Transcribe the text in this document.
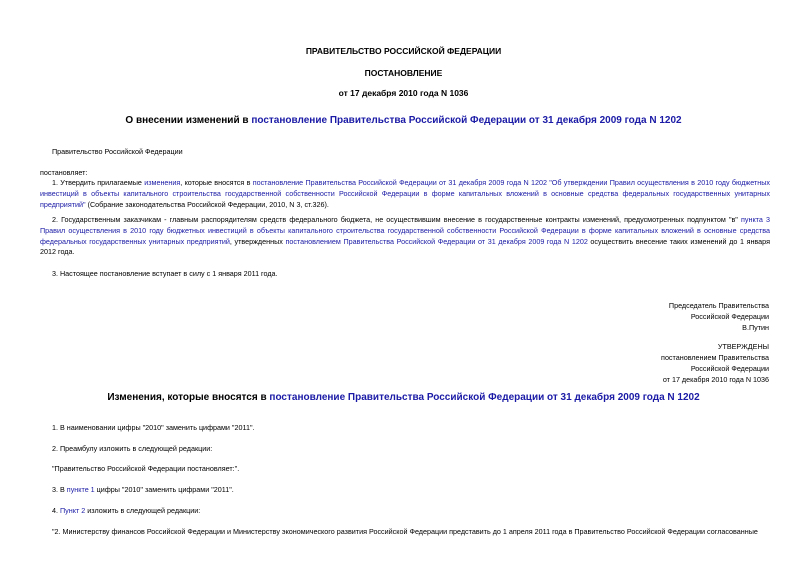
ПРАВИТЕЛЬСТВО РОССИЙСКОЙ ФЕДЕРАЦИИ
ПОСТАНОВЛЕНИЕ
от 17 декабря 2010 года N 1036
О внесении изменений в постановление Правительства Российской Федерации от 31 декабря 2009 года N 1202
Правительство Российской Федерации
постановляет:
1. Утвердить прилагаемые изменения, которые вносятся в постановление Правительства Российской Федерации от 31 декабря 2009 года N 1202 "Об утверждении Правил осуществления в 2010 году бюджетных инвестиций в объекты капитального строительства государственной собственности Российской Федерации в форме капитальных вложений в основные средства федеральных государственных унитарных предприятий" (Собрание законодательства Российской Федерации, 2010, N 3, ст.326).
2. Государственным заказчикам - главным распорядителям средств федерального бюджета, не осуществившим внесение в государственные контракты изменений, предусмотренных подпунктом "в" пункта 3 Правил осуществления в 2010 году бюджетных инвестиций в объекты капитального строительства государственной собственности Российской Федерации в форме капитальных вложений в основные средства федеральных государственных унитарных предприятий, утвержденных постановлением Правительства Российской Федерации от 31 декабря 2009 года N 1202 осуществить внесение таких изменений до 1 января 2012 года.
3. Настоящее постановление вступает в силу с 1 января 2011 года.
Председатель Правительства
Российской Федерации
В.Путин
УТВЕРЖДЕНЫ
постановлением Правительства
Российской Федерации
от 17 декабря 2010 года N 1036
Изменения, которые вносятся в постановление Правительства Российской Федерации от 31 декабря 2009 года N 1202
1. В наименовании цифры "2010" заменить цифрами "2011".
2. Преамбулу изложить в следующей редакции:
"Правительство Российской Федерации постановляет:".
3. В пункте 1 цифры "2010" заменить цифрами "2011".
4. Пункт 2 изложить в следующей редакции:
"2. Министерству финансов Российской Федерации и Министерству экономического развития Российской Федерации представить до 1 апреля 2011 года в Правительство Российской Федерации согласованные
